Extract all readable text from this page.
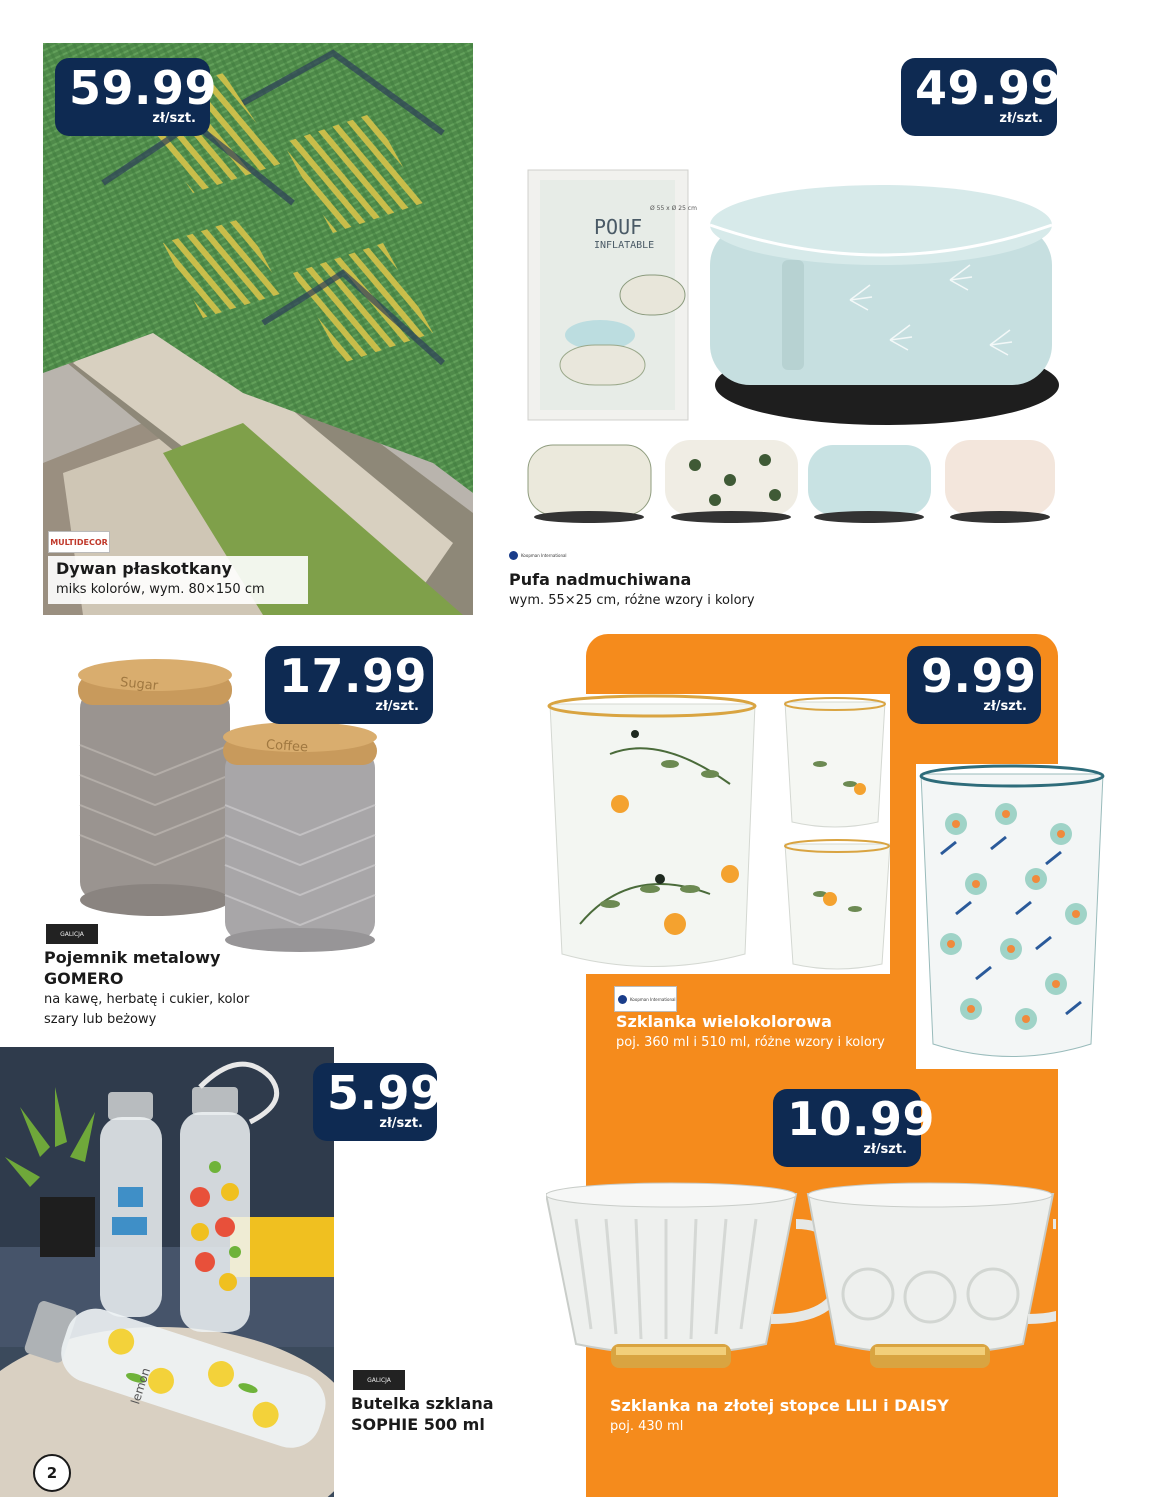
59.99
zł/szt.
MULTIDECOR
Dywan płaskotkany
miks kolorów, wym. 80×150 cm
49.99
zł/szt.
POUF
INFLATABLE
Ø 55 x Ø 25 cm
Koopman International
Pufa nadmuchiwana
wym. 55×25 cm, różne wzory i kolory
Sugar
Coffee
17.99
zł/szt.
GALICJA
Pojemnik metalowy
GOMERO
na kawę, herbatę i cukier, kolor
szary lub beżowy
9.99
zł/szt.
Koopman International
Szklanka wielokolorowa
poj. 360 ml i 510 ml, różne wzory i kolory
10.99
zł/szt.
Szklanka na złotej stopce LILI i DAISY
poj. 430 ml
lemon
5.99
zł/szt.
GALICJA
Butelka szklana
SOPHIE 500 ml
2
